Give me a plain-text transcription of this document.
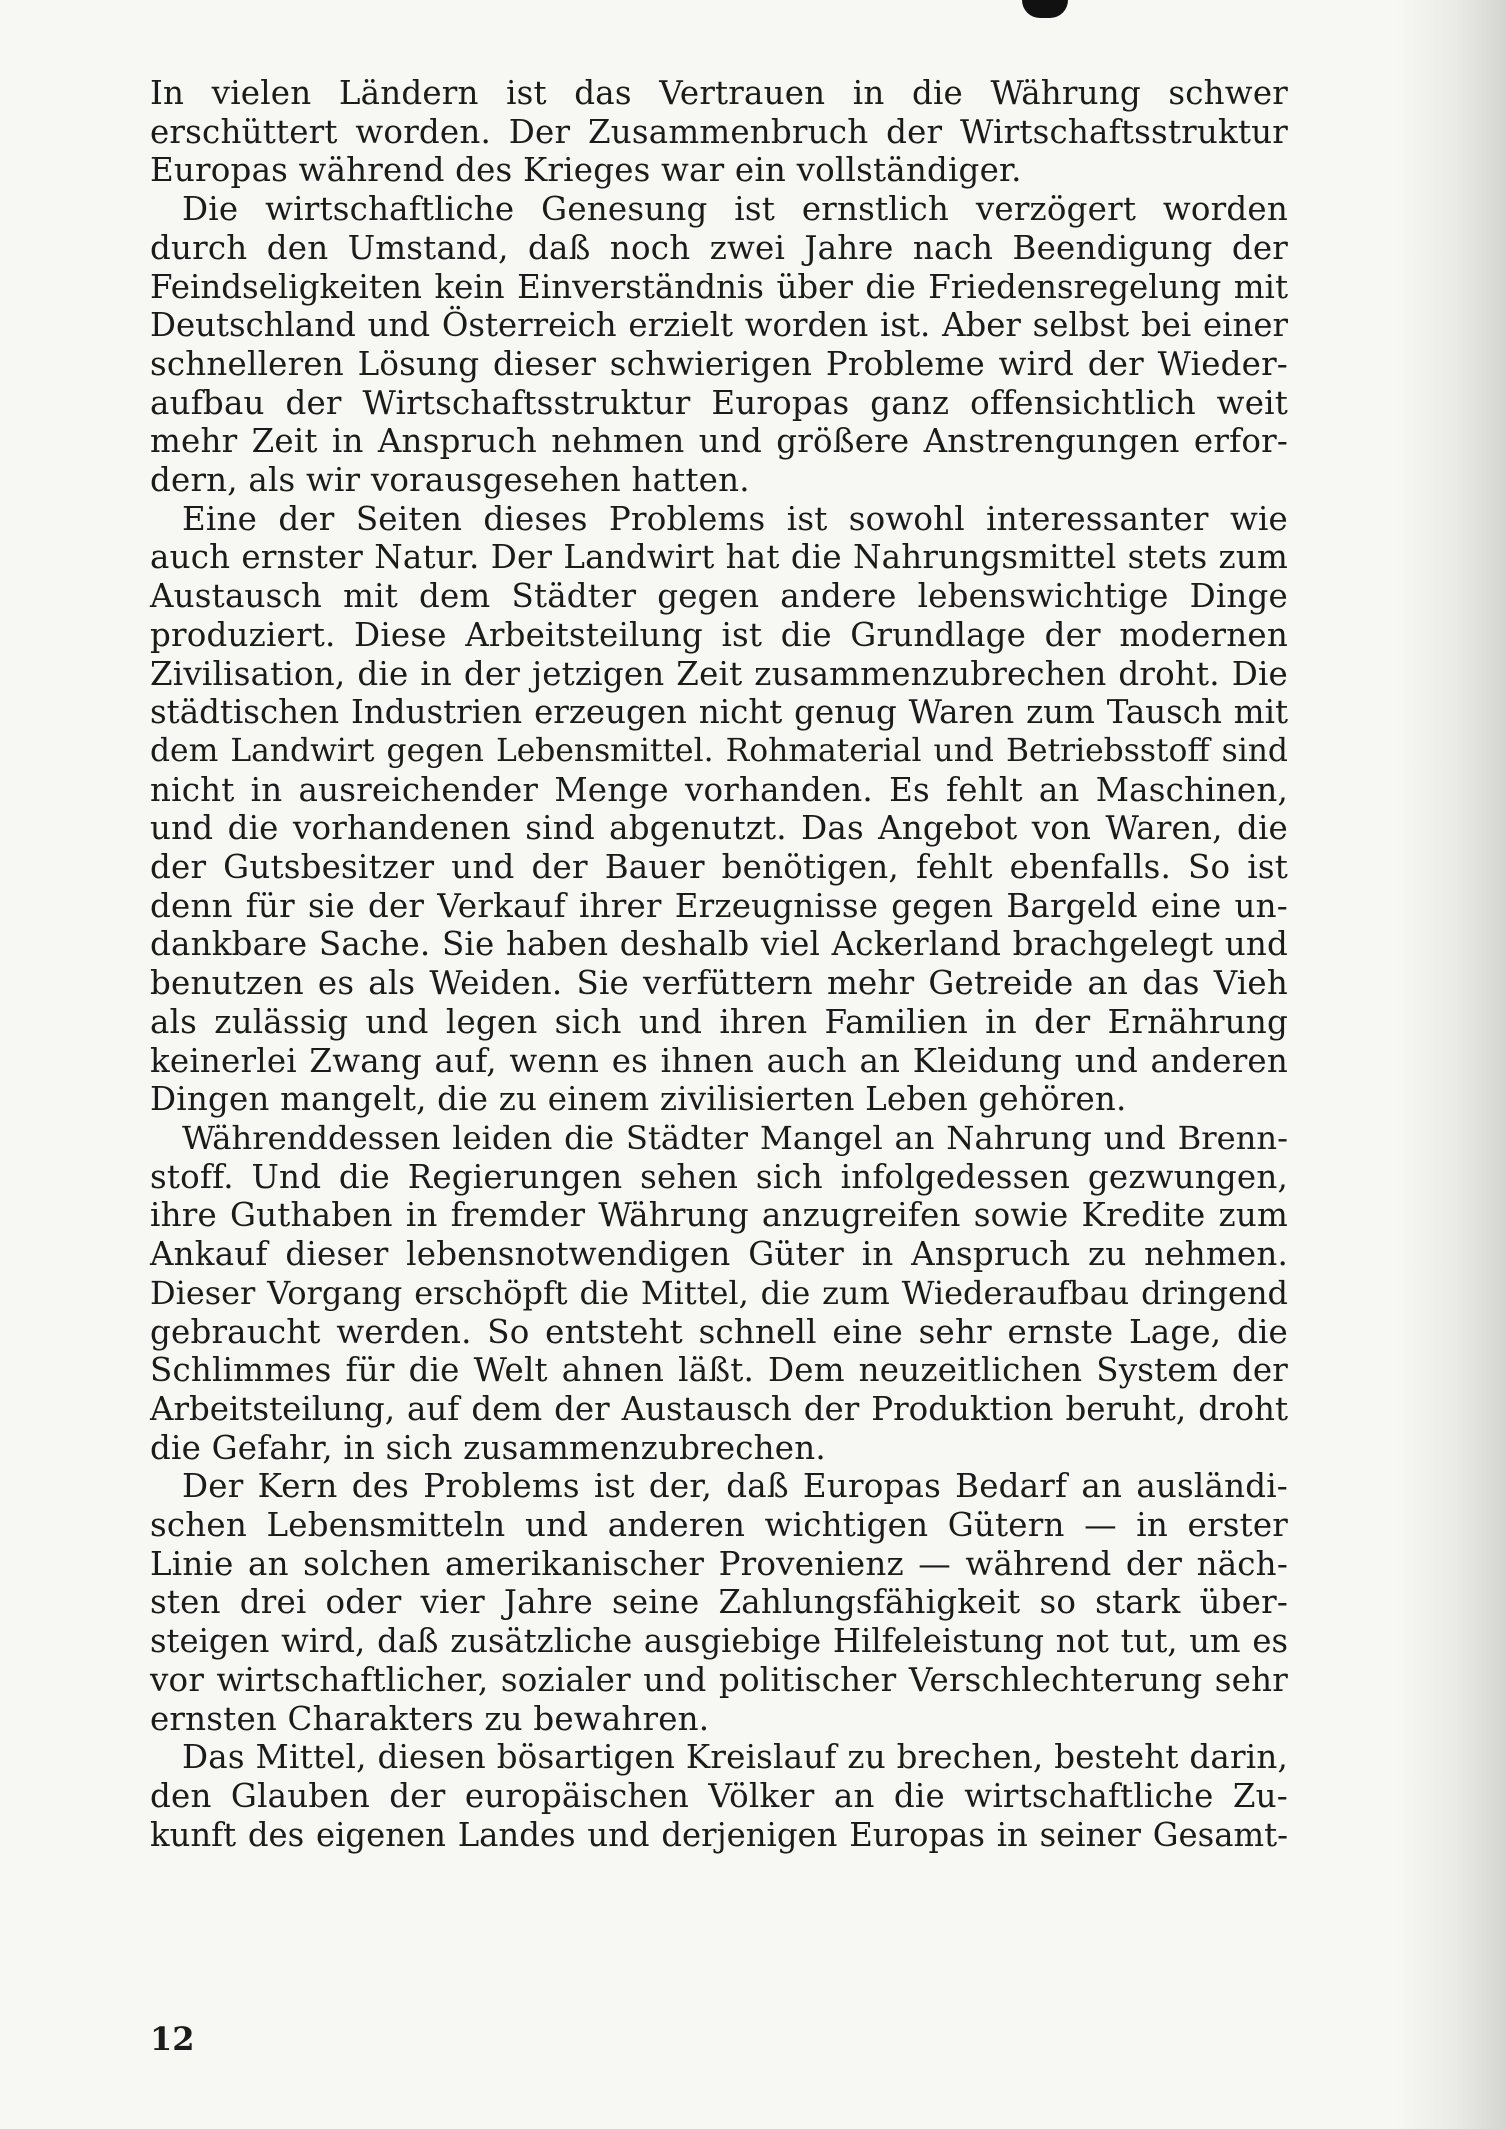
In vielen Ländern ist das Vertrauen in die Währung schwer
erschüttert worden. Der Zusammenbruch der Wirtschaftsstruktur
Europas während des Krieges war ein vollständiger.
Die wirtschaftliche Genesung ist ernstlich verzögert worden
durch den Umstand, daß noch zwei Jahre nach Beendigung der
Feindseligkeiten kein Einverständnis über die Friedensregelung mit
Deutschland und Österreich erzielt worden ist. Aber selbst bei einer
schnelleren Lösung dieser schwierigen Probleme wird der Wieder-
aufbau der Wirtschaftsstruktur Europas ganz offensichtlich weit
mehr Zeit in Anspruch nehmen und größere Anstrengungen erfor-
dern, als wir vorausgesehen hatten.
Eine der Seiten dieses Problems ist sowohl interessanter wie
auch ernster Natur. Der Landwirt hat die Nahrungsmittel stets zum
Austausch mit dem Städter gegen andere lebenswichtige Dinge
produziert. Diese Arbeitsteilung ist die Grundlage der modernen
Zivilisation, die in der jetzigen Zeit zusammenzubrechen droht. Die
städtischen Industrien erzeugen nicht genug Waren zum Tausch mit
dem Landwirt gegen Lebensmittel. Rohmaterial und Betriebsstoff sind
nicht in ausreichender Menge vorhanden. Es fehlt an Maschinen,
und die vorhandenen sind abgenutzt. Das Angebot von Waren, die
der Gutsbesitzer und der Bauer benötigen, fehlt ebenfalls. So ist
denn für sie der Verkauf ihrer Erzeugnisse gegen Bargeld eine un-
dankbare Sache. Sie haben deshalb viel Ackerland brachgelegt und
benutzen es als Weiden. Sie verfüttern mehr Getreide an das Vieh
als zulässig und legen sich und ihren Familien in der Ernährung
keinerlei Zwang auf, wenn es ihnen auch an Kleidung und anderen
Dingen mangelt, die zu einem zivilisierten Leben gehören.
Währenddessen leiden die Städter Mangel an Nahrung und Brenn-
stoff. Und die Regierungen sehen sich infolgedessen gezwungen,
ihre Guthaben in fremder Währung anzugreifen sowie Kredite zum
Ankauf dieser lebensnotwendigen Güter in Anspruch zu nehmen.
Dieser Vorgang erschöpft die Mittel, die zum Wiederaufbau dringend
gebraucht werden. So entsteht schnell eine sehr ernste Lage, die
Schlimmes für die Welt ahnen läßt. Dem neuzeitlichen System der
Arbeitsteilung, auf dem der Austausch der Produktion beruht, droht
die Gefahr, in sich zusammenzubrechen.
Der Kern des Problems ist der, daß Europas Bedarf an ausländi-
schen Lebensmitteln und anderen wichtigen Gütern — in erster
Linie an solchen amerikanischer Provenienz — während der näch-
sten drei oder vier Jahre seine Zahlungsfähigkeit so stark über-
steigen wird, daß zusätzliche ausgiebige Hilfeleistung not tut, um es
vor wirtschaftlicher, sozialer und politischer Verschlechterung sehr
ernsten Charakters zu bewahren.
Das Mittel, diesen bösartigen Kreislauf zu brechen, besteht darin,
den Glauben der europäischen Völker an die wirtschaftliche Zu-
kunft des eigenen Landes und derjenigen Europas in seiner Gesamt-
12
